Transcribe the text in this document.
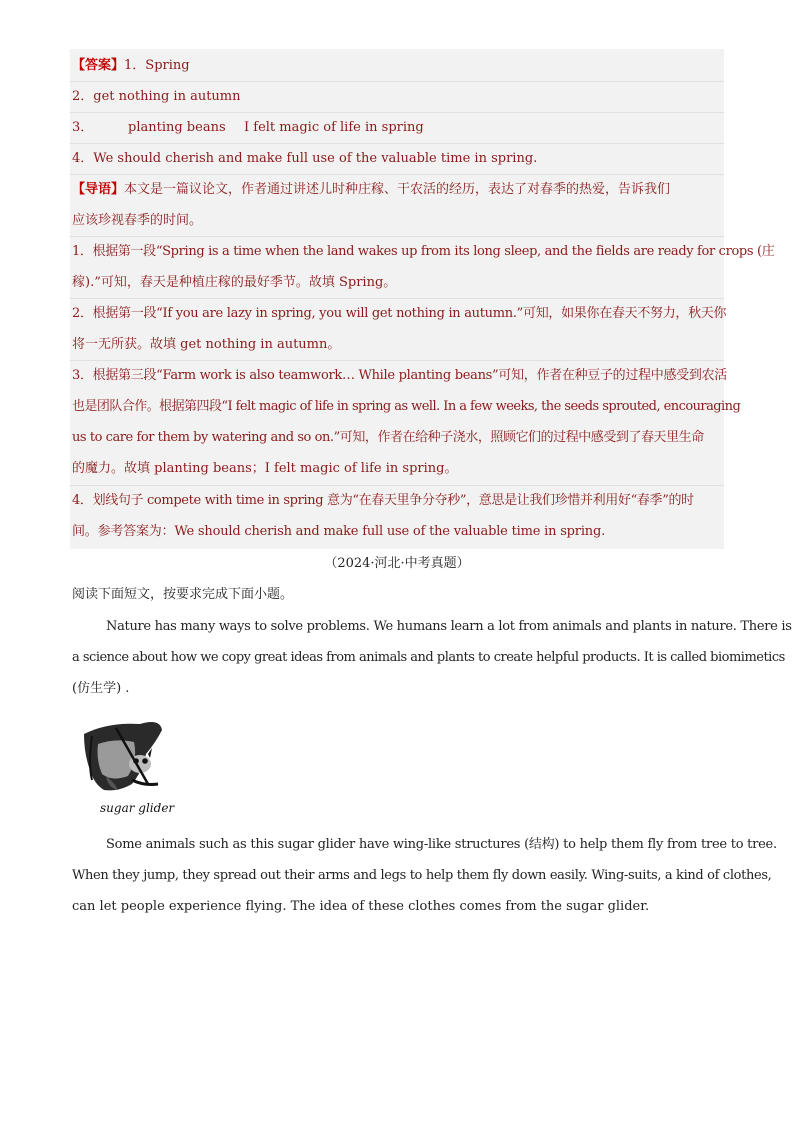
【答案】1．Spring
2．get nothing in autumn
3．	planting beans I felt magic of life in spring
4．We should cherish and make full use of the valuable time in spring.
【导语】本文是一篇议论文，作者通过讲述儿时种庄稼、干农活的经历，表达了对春季的热爱，告诉我们
应该珍视春季的时间。
1．根据第一段“Spring is a time when the land wakes up from its long sleep, and the fields are ready for crops (庄
稼).”可知，春天是种植庄稼的最好季节。故填 Spring。
2．根据第一段“If you are lazy in spring, you will get nothing in autumn.”可知，如果你在春天不努力，秋天你
将一无所获。故填 get nothing in autumn。
3．根据第三段“Farm work is also teamwork… While planting beans”可知，作者在种豆子的过程中感受到农活
也是团队合作。根据第四段“I felt magic of life in spring as well. In a few weeks, the seeds sprouted, encouraging
us to care for them by watering and so on.”可知，作者在给种子浇水，照顾它们的过程中感受到了春天里生命
的魔力。故填 planting beans；I felt magic of life in spring。
4．划线句子 compete with time in spring 意为“在春天里争分夺秒”，意思是让我们珍惜并利用好“春季”的时
间。参考答案为：We should cherish and make full use of the valuable time in spring.
（2024·河北·中考真题）
阅读下面短文，按要求完成下面小题。
Nature has many ways to solve problems. We humans learn a lot from animals and plants in nature. There is
a science about how we copy great ideas from animals and plants to create helpful products. It is called biomimetics
(仿生学) .
sugar glider
Some animals such as this sugar glider have wing-like structures (结构) to help them fly from tree to tree.
When they jump, they spread out their arms and legs to help them fly down easily. Wing-suits, a kind of clothes,
can let people experience flying. The idea of these clothes comes from the sugar glider.
